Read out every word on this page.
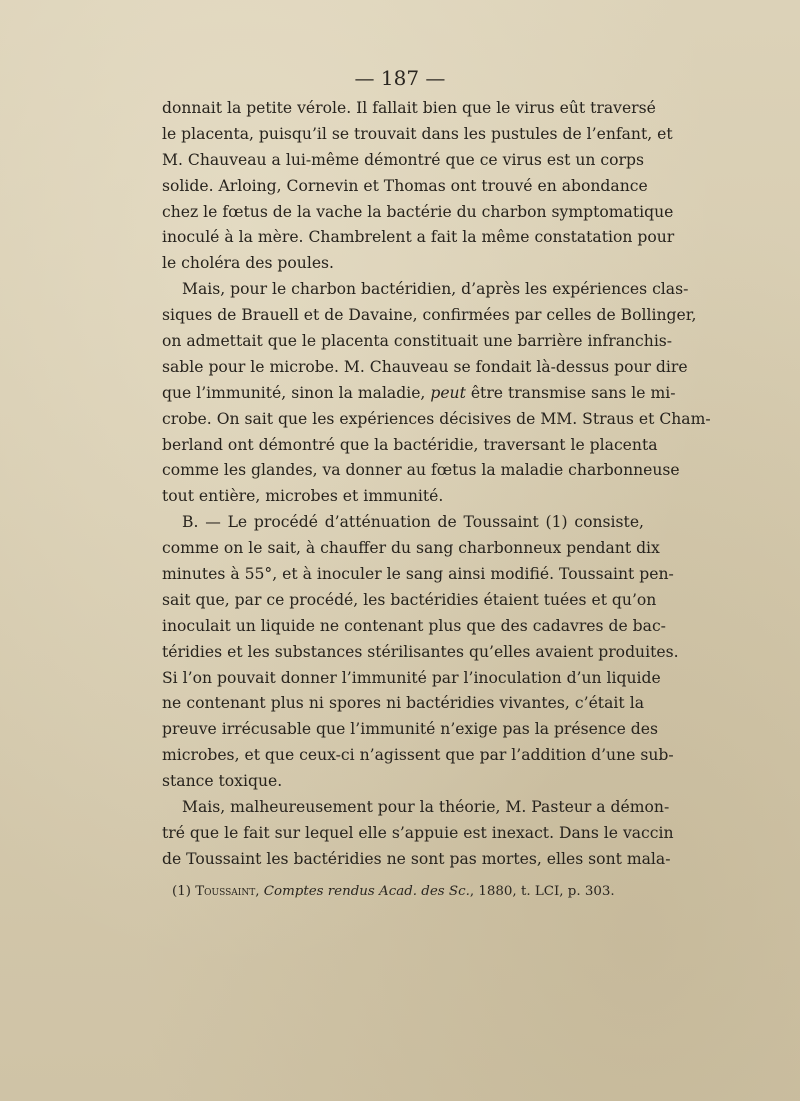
— 187 —
donnait la petite vérole. Il fallait bien que le virus eût traversé
le placenta, puisqu’il se trouvait dans les pustules de l’enfant, et
M. Chauveau a lui-même démontré que ce virus est un corps
solide. Arloing, Cornevin et Thomas ont trouvé en abondance
chez le fœtus de la vache la bactérie du charbon symptomatique
inoculé à la mère. Chambrelent a fait la même constatation pour
le choléra des poules.
Mais, pour le charbon bactéridien, d’après les expériences clas-
siques de Brauell et de Davaine, confirmées par celles de Bollinger,
on admettait que le placenta constituait une barrière infranchis-
sable pour le microbe. M. Chauveau se fondait là-dessus pour dire
que l’immunité, sinon la maladie, peut être transmise sans le mi-
crobe. On sait que les expériences décisives de MM. Straus et Cham-
berland ont démontré que la bactéridie, traversant le placenta
comme les glandes, va donner au fœtus la maladie charbonneuse
tout entière, microbes et immunité.
B. — Le procédé d’atténuation de Toussaint (1) consiste,
comme on le sait, à chauffer du sang charbonneux pendant dix
minutes à 55°, et à inoculer le sang ainsi modifié. Toussaint pen-
sait que, par ce procédé, les bactéridies étaient tuées et qu’on
inoculait un liquide ne contenant plus que des cadavres de bac-
téridies et les substances stérilisantes qu’elles avaient produites.
Si l’on pouvait donner l’immunité par l’inoculation d’un liquide
ne contenant plus ni spores ni bactéridies vivantes, c’était la
preuve irrécusable que l’immunité n’exige pas la présence des
microbes, et que ceux-ci n’agissent que par l’addition d’une sub-
stance toxique.
Mais, malheureusement pour la théorie, M. Pasteur a démon-
tré que le fait sur lequel elle s’appuie est inexact. Dans le vaccin
de Toussaint les bactéridies ne sont pas mortes, elles sont mala-
(1) Toussaint, Comptes rendus Acad. des Sc., 1880, t. LCI, p. 303.
